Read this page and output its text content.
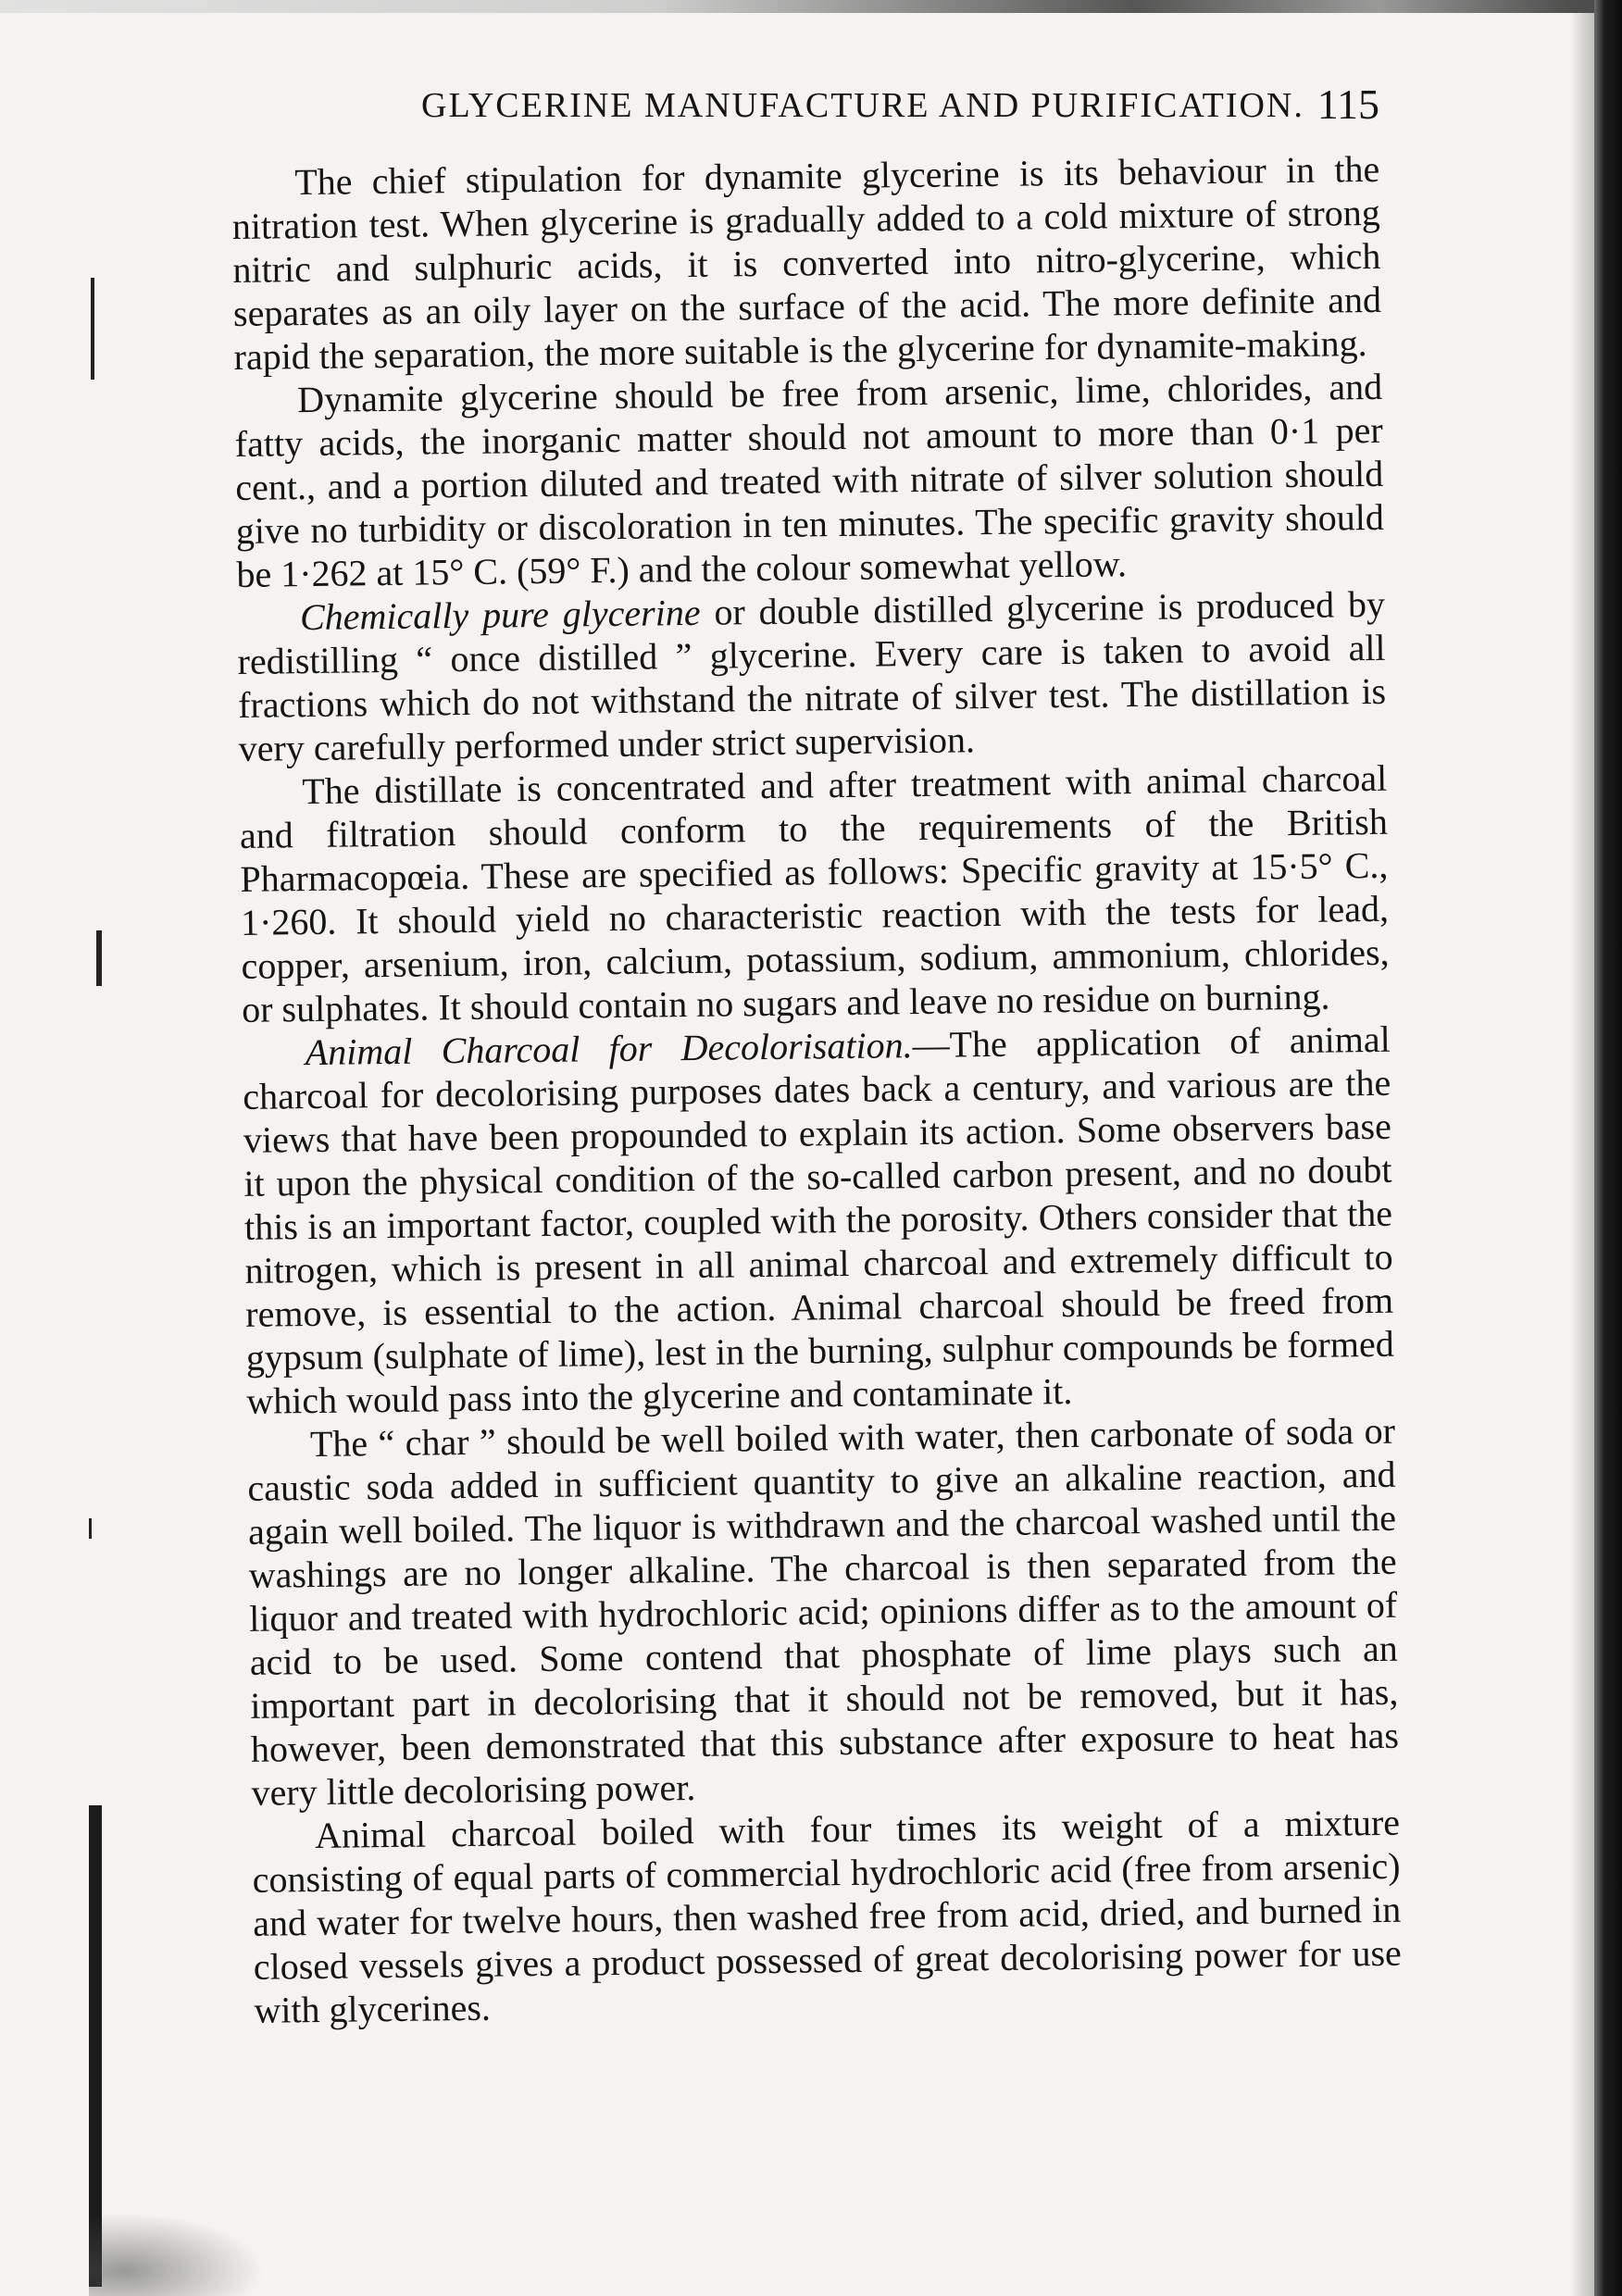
GLYCERINE MANUFACTURE AND PURIFICATION. 115

The chief stipulation for dynamite glycerine is its behaviour in the nitration test. When glycerine is gradually added to a cold mixture of strong nitric and sulphuric acids, it is converted into nitro-glycerine, which separates as an oily layer on the surface of the acid. The more definite and rapid the separation, the more suitable is the glycerine for dynamite-making.

Dynamite glycerine should be free from arsenic, lime, chlorides, and fatty acids, the inorganic matter should not amount to more than 0·1 per cent., and a portion diluted and treated with nitrate of silver solution should give no turbidity or discoloration in ten minutes. The specific gravity should be 1·262 at 15° C. (59° F.) and the colour somewhat yellow.

Chemically pure glycerine or double distilled glycerine is produced by redistilling “ once distilled ” glycerine. Every care is taken to avoid all fractions which do not withstand the nitrate of silver test. The distillation is very carefully performed under strict supervision.

The distillate is concentrated and after treatment with animal charcoal and filtration should conform to the requirements of the British Pharmacopœia. These are specified as follows: Specific gravity at 15·5° C., 1·260. It should yield no characteristic reaction with the tests for lead, copper, arsenium, iron, calcium, potassium, sodium, ammonium, chlorides, or sulphates. It should contain no sugars and leave no residue on burning.

Animal Charcoal for Decolorisation.—The application of animal charcoal for decolorising purposes dates back a century, and various are the views that have been propounded to explain its action. Some observers base it upon the physical condition of the so-called carbon present, and no doubt this is an important factor, coupled with the porosity. Others consider that the nitrogen, which is present in all animal charcoal and extremely difficult to remove, is essential to the action. Animal charcoal should be freed from gypsum (sulphate of lime), lest in the burning, sulphur compounds be formed which would pass into the glycerine and contaminate it.

The “ char ” should be well boiled with water, then carbonate of soda or caustic soda added in sufficient quantity to give an alkaline reaction, and again well boiled. The liquor is withdrawn and the charcoal washed until the washings are no longer alkaline. The charcoal is then separated from the liquor and treated with hydrochloric acid; opinions differ as to the amount of acid to be used. Some contend that phosphate of lime plays such an important part in decolorising that it should not be removed, but it has, however, been demonstrated that this substance after exposure to heat has very little decolorising power.

Animal charcoal boiled with four times its weight of a mixture consisting of equal parts of commercial hydrochloric acid (free from arsenic) and water for twelve hours, then washed free from acid, dried, and burned in closed vessels gives a product possessed of great decolorising power for use with glycerines.
